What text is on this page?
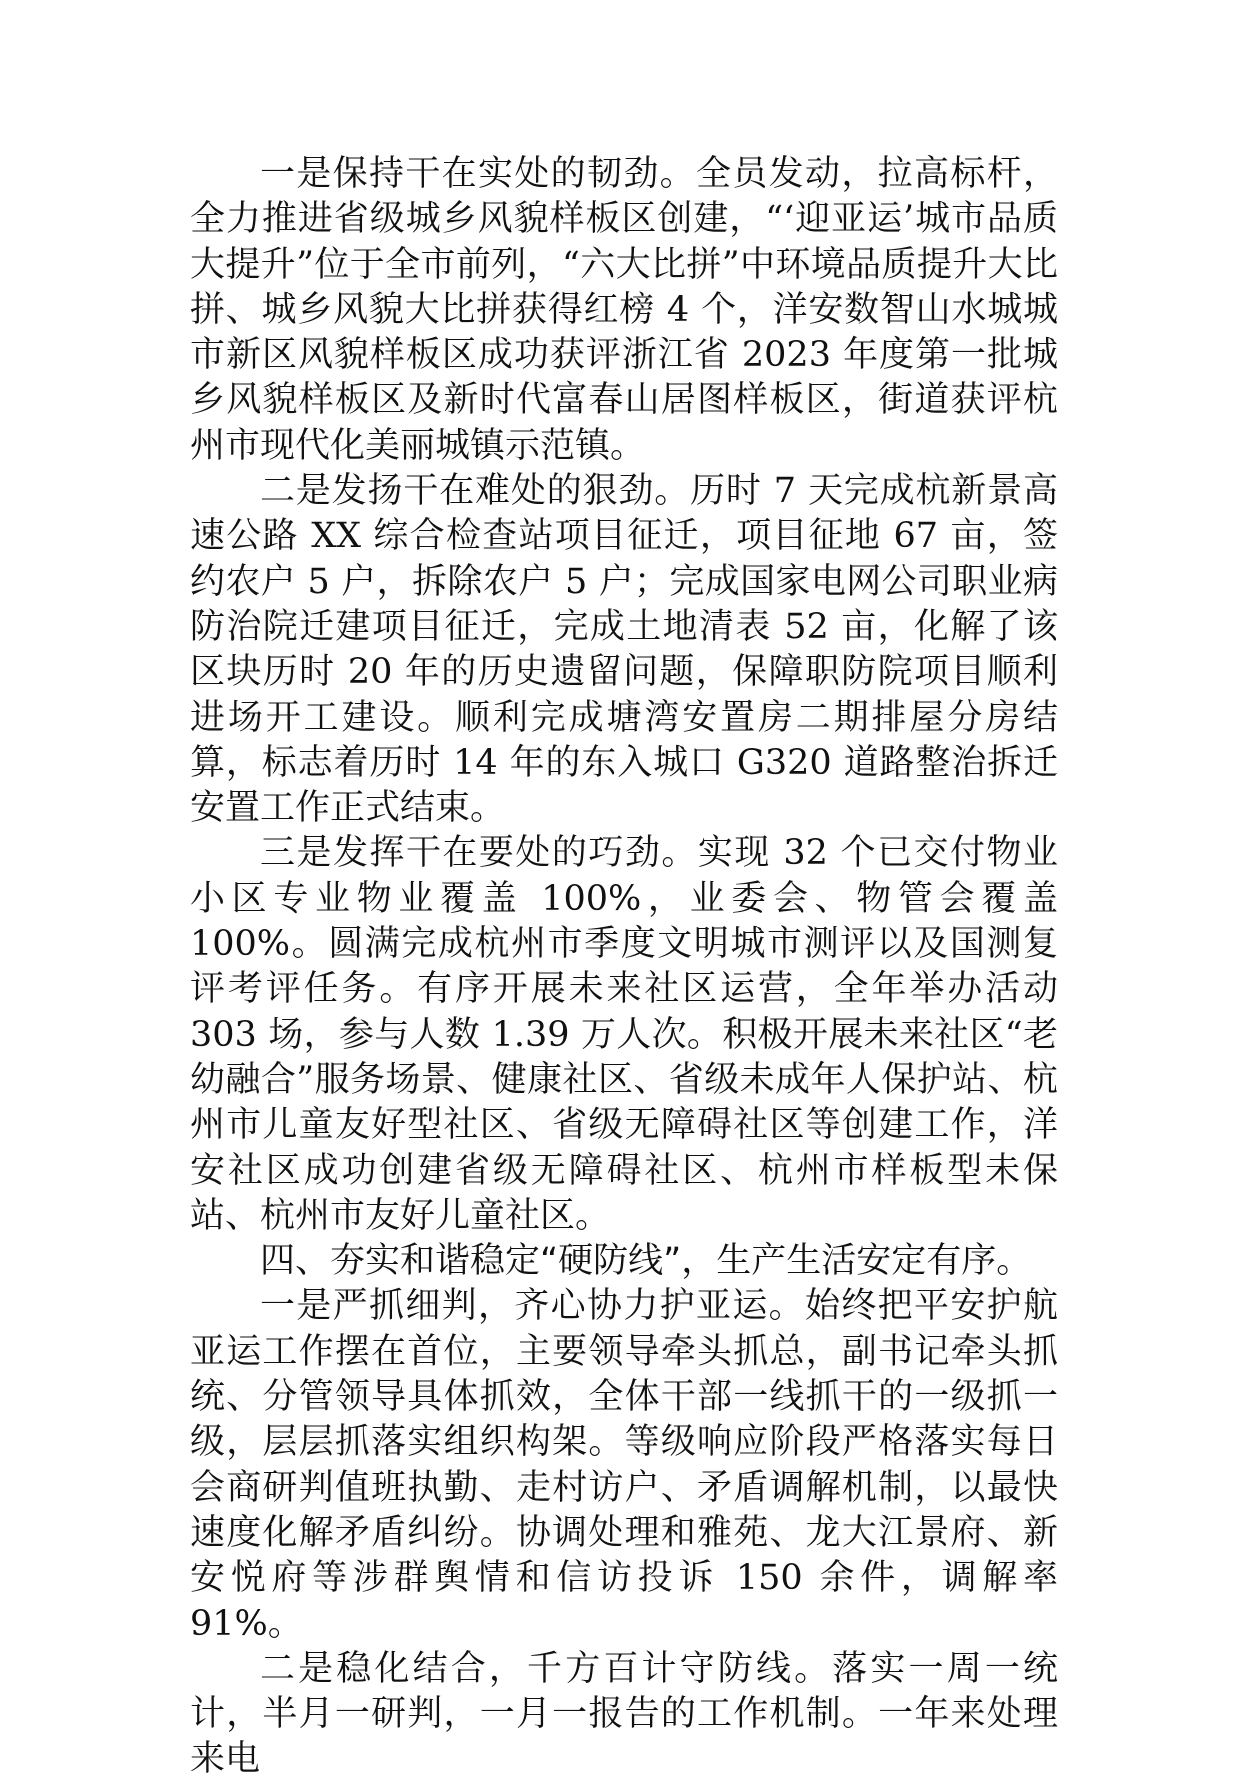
一是保持干在实处的韧劲。全员发动，拉高标杆，全力推进省级城乡风貌样板区创建，“‘迎亚运’城市品质大提升”位于全市前列，“六大比拼”中环境品质提升大比拼、城乡风貌大比拼获得红榜 4 个，洋安数智山水城城市新区风貌样板区成功获评浙江省 2023 年度第一批城乡风貌样板区及新时代富春山居图样板区，街道获评杭州市现代化美丽城镇示范镇。

二是发扬干在难处的狠劲。历时 7 天完成杭新景高速公路 XX 综合检查站项目征迁，项目征地 67 亩，签约农户 5 户，拆除农户 5 户；完成国家电网公司职业病防治院迁建项目征迁，完成土地清表 52 亩，化解了该区块历时 20 年的历史遗留问题，保障职防院项目顺利进场开工建设。顺利完成塘湾安置房二期排屋分房结算，标志着历时 14 年的东入城口 G320 道路整治拆迁安置工作正式结束。

三是发挥干在要处的巧劲。实现 32 个已交付物业小区专业物业覆盖 100%，业委会、物管会覆盖 100%。圆满完成杭州市季度文明城市测评以及国测复评考评任务。有序开展未来社区运营，全年举办活动 303 场，参与人数 1.39 万人次。积极开展未来社区“老幼融合”服务场景、健康社区、省级未成年人保护站、杭州市儿童友好型社区、省级无障碍社区等创建工作，洋安社区成功创建省级无障碍社区、杭州市样板型未保站、杭州市友好儿童社区。

四、夯实和谐稳定“硬防线”，生产生活安定有序。

一是严抓细判，齐心协力护亚运。始终把平安护航亚运工作摆在首位，主要领导牵头抓总，副书记牵头抓统、分管领导具体抓效，全体干部一线抓干的一级抓一级，层层抓落实组织构架。等级响应阶段严格落实每日会商研判值班执勤、走村访户、矛盾调解机制，以最快速度化解矛盾纠纷。协调处理和雅苑、龙大江景府、新安悦府等涉群舆情和信访投诉 150 余件，调解率 91%。

二是稳化结合，千方百计守防线。落实一周一统计，半月一研判，一月一报告的工作机制。一年来处理来电
